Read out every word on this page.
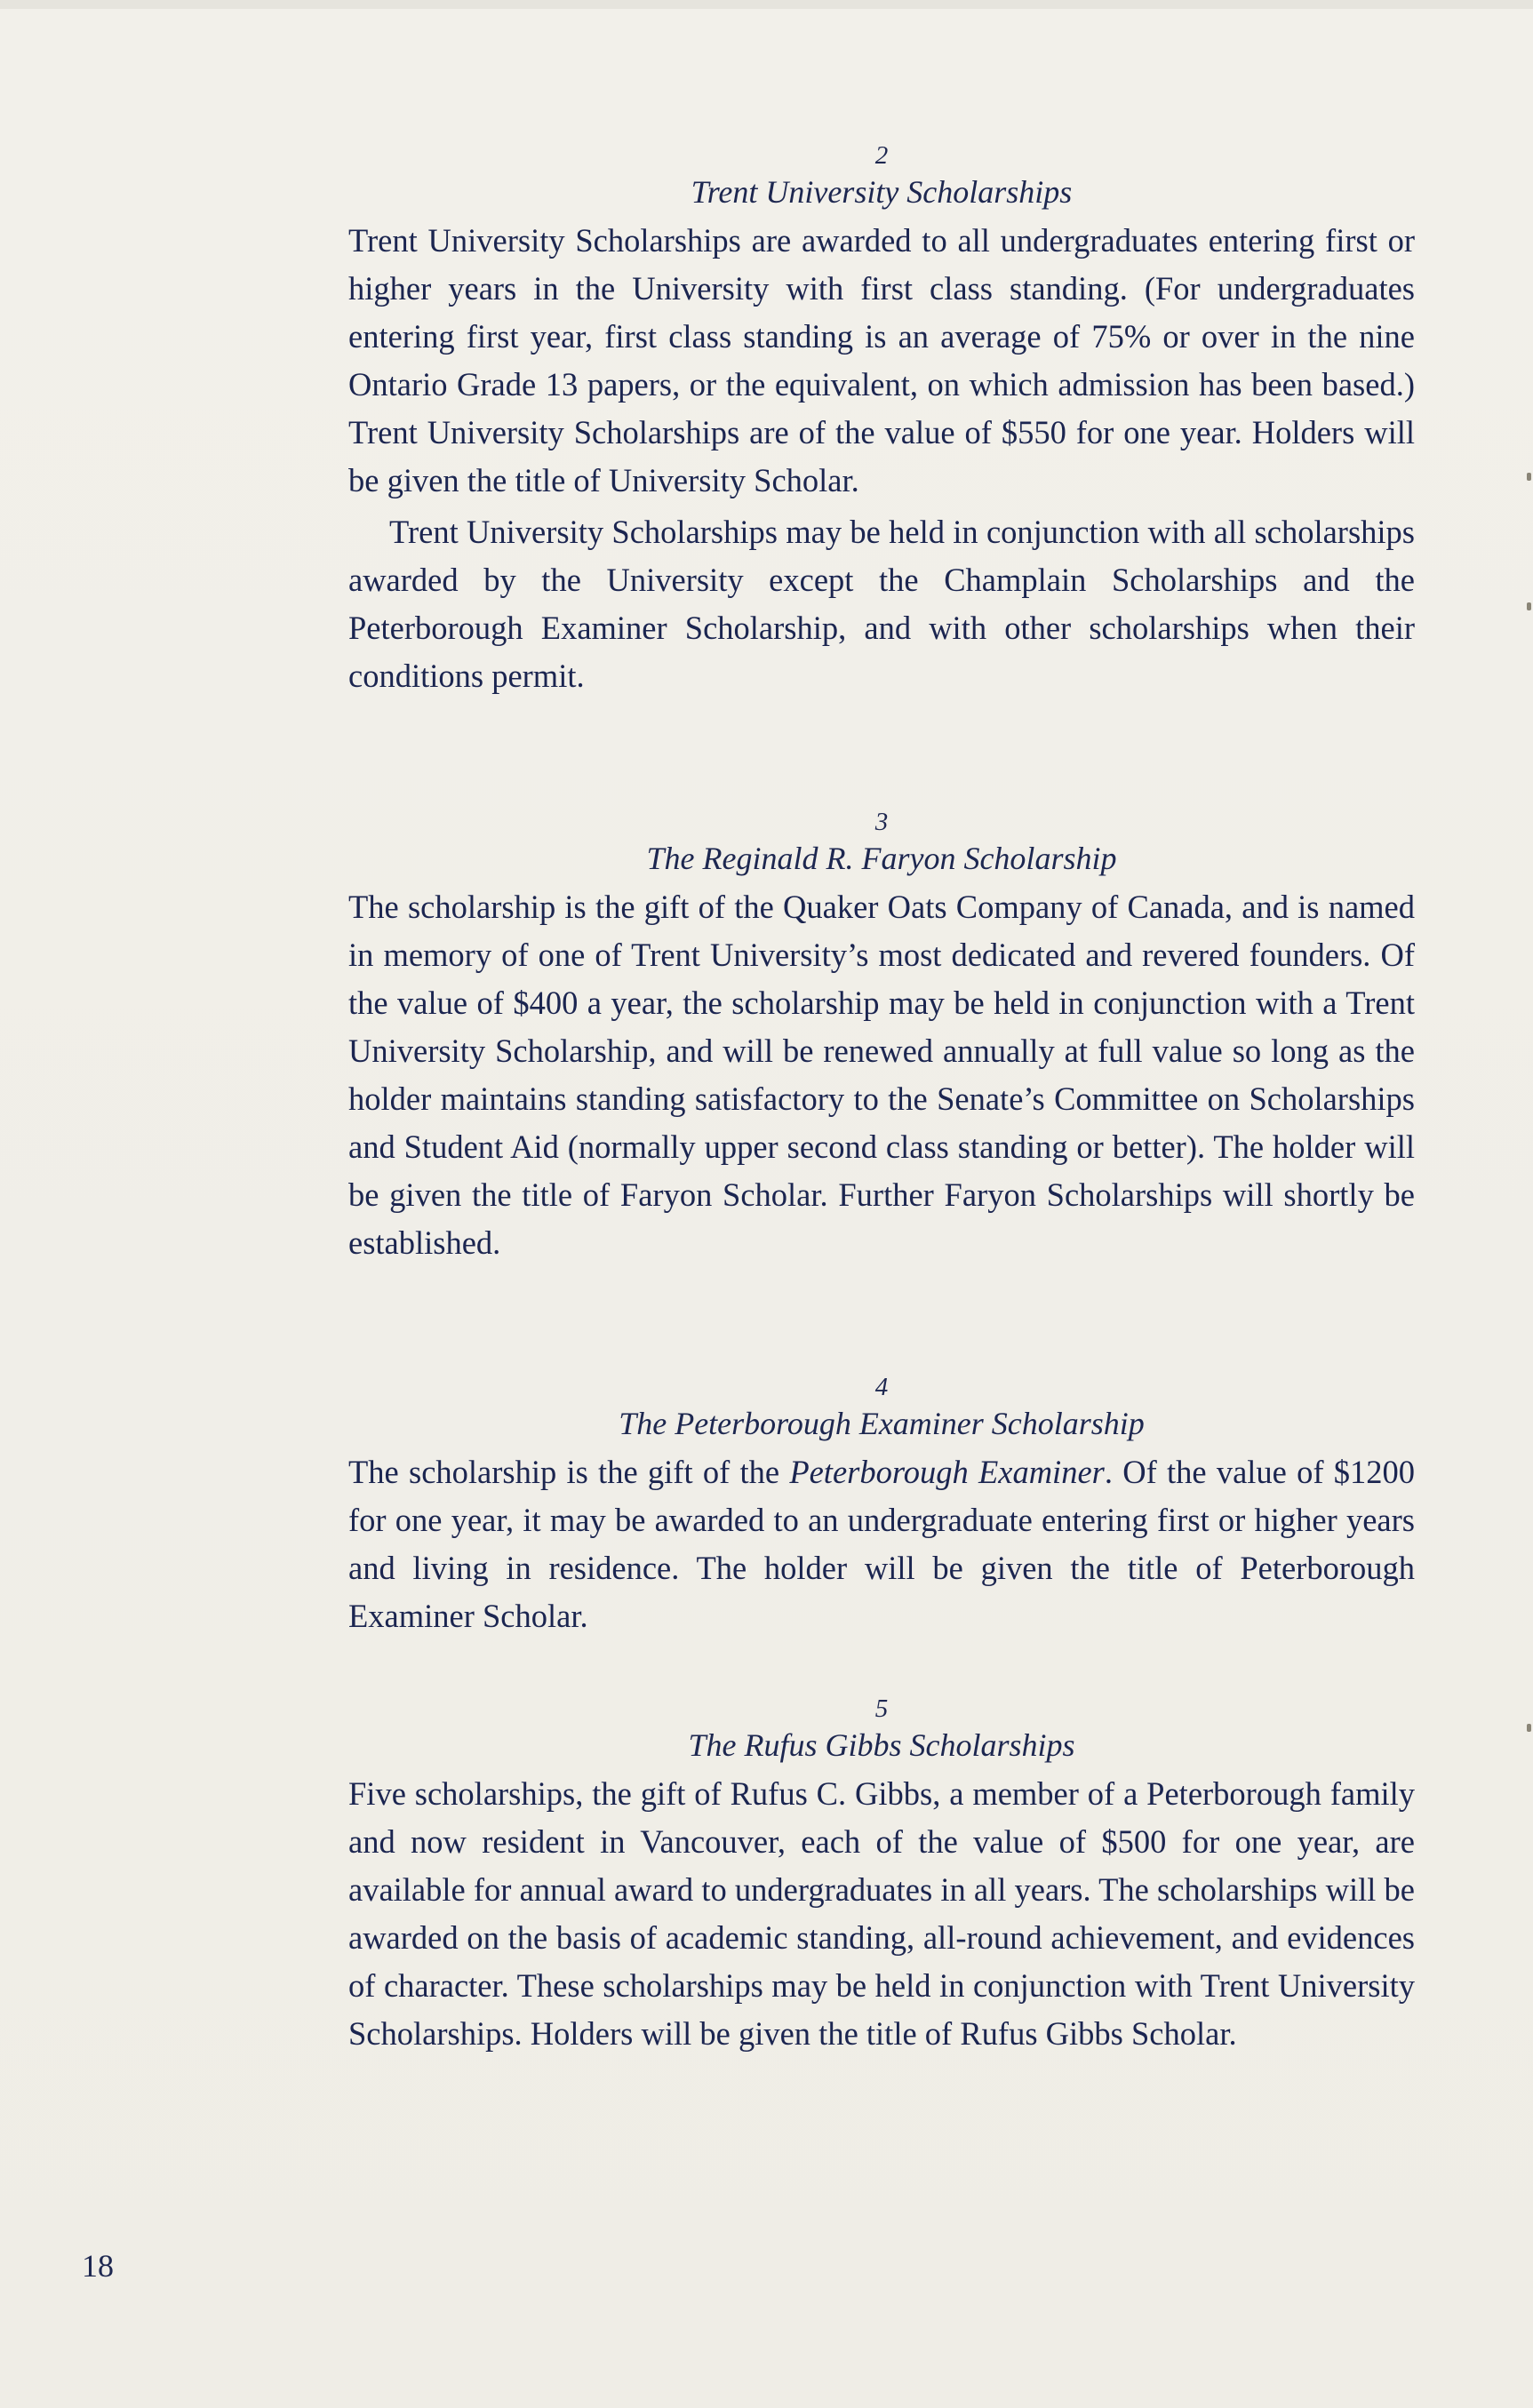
2

Trent University Scholarships

Trent University Scholarships are awarded to all undergraduates entering first or higher years in the University with first class standing. (For undergraduates entering first year, first class standing is an average of 75% or over in the nine Ontario Grade 13 papers, or the equivalent, on which admission has been based.) Trent University Scholarships are of the value of $550 for one year. Holders will be given the title of University Scholar.

Trent University Scholarships may be held in conjunction with all scholarships awarded by the University except the Champlain Scholarships and the Peterborough Examiner Scholarship, and with other scholarships when their conditions permit.

3

The Reginald R. Faryon Scholarship

The scholarship is the gift of the Quaker Oats Company of Canada, and is named in memory of one of Trent University’s most dedicated and revered founders. Of the value of $400 a year, the scholarship may be held in conjunction with a Trent University Scholarship, and will be renewed annually at full value so long as the holder maintains standing satisfactory to the Senate’s Committee on Scholarships and Student Aid (normally upper second class standing or better). The holder will be given the title of Faryon Scholar. Further Faryon Scholarships will shortly be established.

4

The Peterborough Examiner Scholarship

The scholarship is the gift of the Peterborough Examiner. Of the value of $1200 for one year, it may be awarded to an undergraduate entering first or higher years and living in residence. The holder will be given the title of Peterborough Examiner Scholar.

5

The Rufus Gibbs Scholarships

Five scholarships, the gift of Rufus C. Gibbs, a member of a Peterborough family and now resident in Vancouver, each of the value of $500 for one year, are available for annual award to undergraduates in all years. The scholarships will be awarded on the basis of academic standing, all-round achievement, and evidences of character. These scholarships may be held in conjunction with Trent University Scholarships. Holders will be given the title of Rufus Gibbs Scholar.

18
